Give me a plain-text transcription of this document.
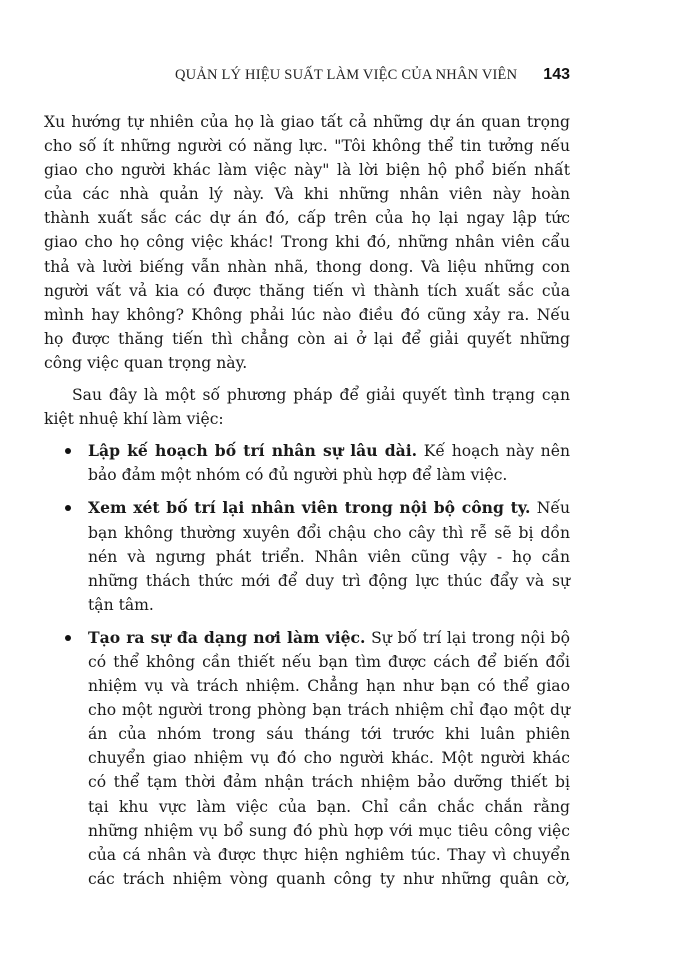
QUẢN LÝ HIỆU SUẤT LÀM VIỆC CỦA NHÂN VIÊN 143

Xu hướng tự nhiên của họ là giao tất cả những dự án quan trọng
cho số ít những người có năng lực. "Tôi không thể tin tưởng nếu
giao cho người khác làm việc này" là lời biện hộ phổ biến nhất
của các nhà quản lý này. Và khi những nhân viên này hoàn
thành xuất sắc các dự án đó, cấp trên của họ lại ngay lập tức
giao cho họ công việc khác! Trong khi đó, những nhân viên cẩu
thả và lười biếng vẫn nhàn nhã, thong dong. Và liệu những con
người vất vả kia có được thăng tiến vì thành tích xuất sắc của
mình hay không? Không phải lúc nào điều đó cũng xảy ra. Nếu
họ được thăng tiến thì chẳng còn ai ở lại để giải quyết những
công việc quan trọng này.

Sau đây là một số phương pháp để giải quyết tình trạng cạn
kiệt nhuệ khí làm việc:

Lập kế hoạch bố trí nhân sự lâu dài. Kế hoạch này nên
bảo đảm một nhóm có đủ người phù hợp để làm việc.
Xem xét bố trí lại nhân viên trong nội bộ công ty. Nếu
bạn không thường xuyên đổi chậu cho cây thì rễ sẽ bị dồn
nén và ngưng phát triển. Nhân viên cũng vậy - họ cần
những thách thức mới để duy trì động lực thúc đẩy và sự
tận tâm.
Tạo ra sự đa dạng nơi làm việc. Sự bố trí lại trong nội bộ
có thể không cần thiết nếu bạn tìm được cách để biến đổi
nhiệm vụ và trách nhiệm. Chẳng hạn như bạn có thể giao
cho một người trong phòng bạn trách nhiệm chỉ đạo một dự
án của nhóm trong sáu tháng tới trước khi luân phiên
chuyển giao nhiệm vụ đó cho người khác. Một người khác
có thể tạm thời đảm nhận trách nhiệm bảo dưỡng thiết bị
tại khu vực làm việc của bạn. Chỉ cần chắc chắn rằng
những nhiệm vụ bổ sung đó phù hợp với mục tiêu công việc
của cá nhân và được thực hiện nghiêm túc. Thay vì chuyển
các trách nhiệm vòng quanh công ty như những quân cờ,
